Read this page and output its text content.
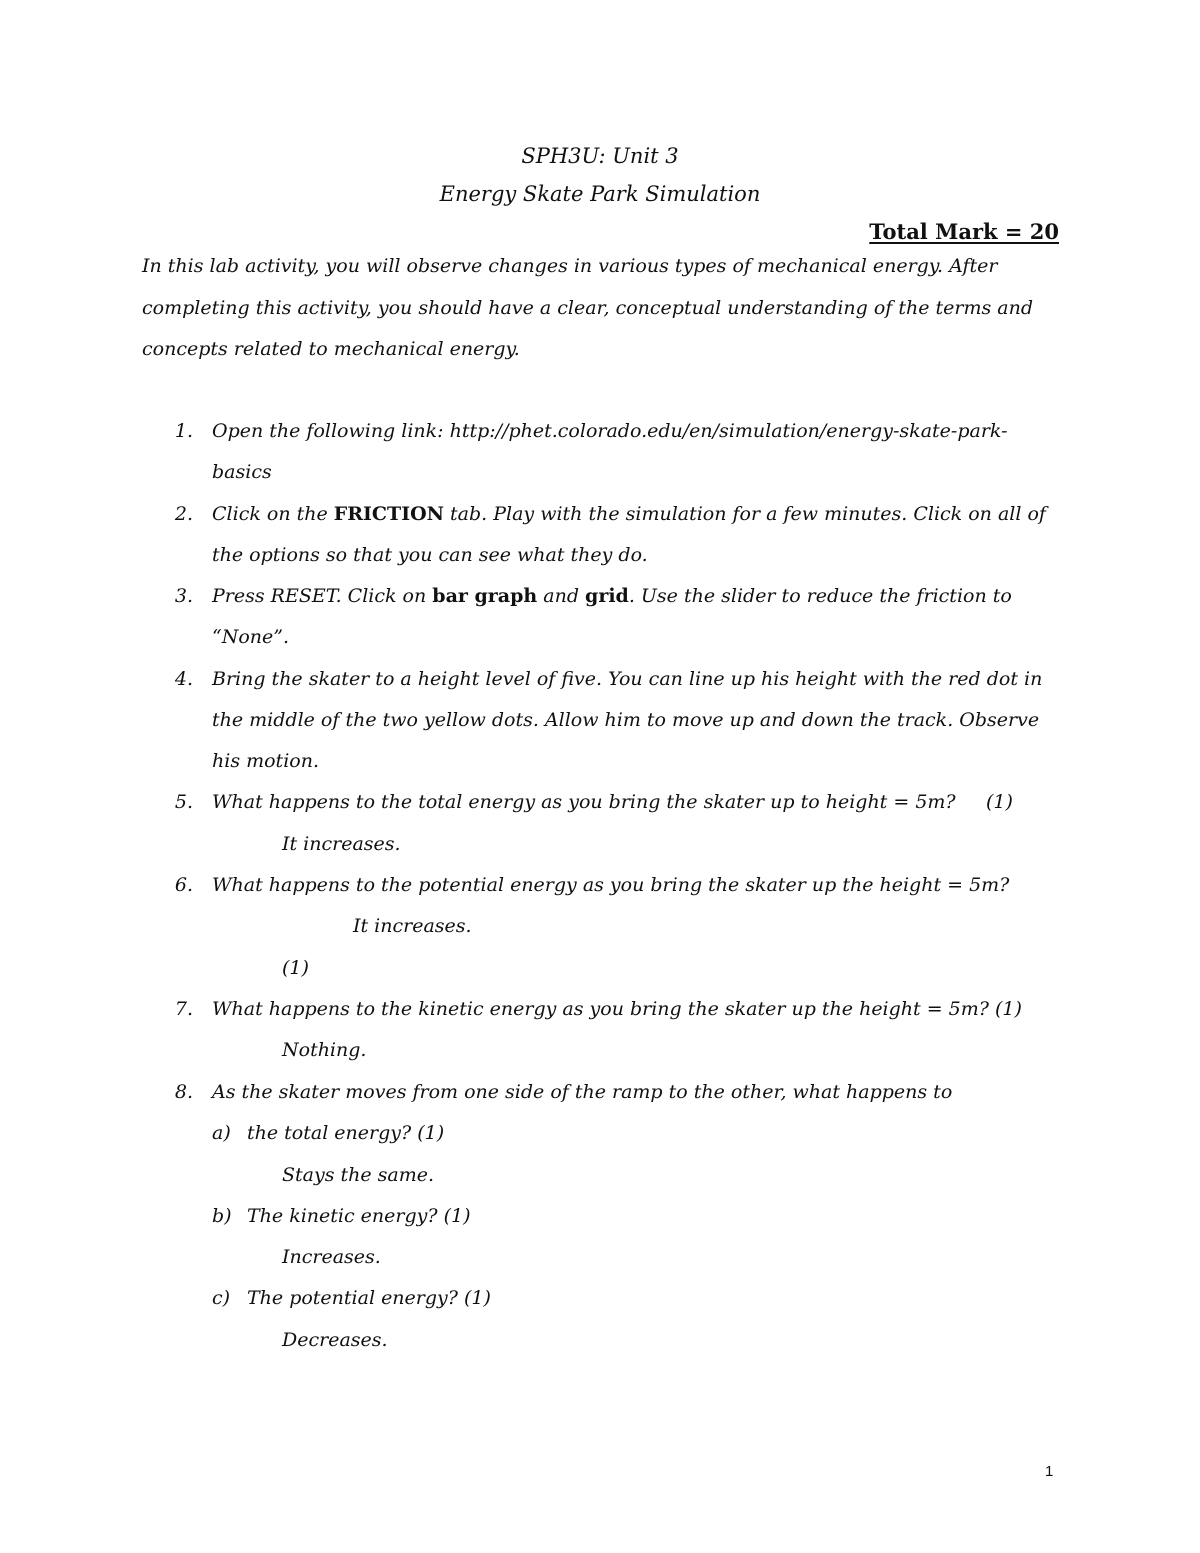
SPH3U: Unit 3
Energy Skate Park Simulation
Total Mark = 20
In this lab activity, you will observe changes in various types of mechanical energy. After
completing this activity, you should have a clear, conceptual understanding of the terms and
concepts related to mechanical energy.
1. Open the following link: http://phet.colorado.edu/en/simulation/energy-skate-park-
basics
2. Click on the FRICTION tab. Play with the simulation for a few minutes. Click on all of
the options so that you can see what they do.
3. Press RESET. Click on bar graph and grid. Use the slider to reduce the friction to
“None”.
4. Bring the skater to a height level of five. You can line up his height with the red dot in
the middle of the two yellow dots. Allow him to move up and down the track. Observe
his motion.
5. What happens to the total energy as you bring the skater up to height = 5m? (1)
It increases.
6. What happens to the potential energy as you bring the skater up the height = 5m?
It increases.
(1)
7. What happens to the kinetic energy as you bring the skater up the height = 5m? (1)
Nothing.
8. As the skater moves from one side of the ramp to the other, what happens to
a) the total energy? (1)
Stays the same.
b) The kinetic energy? (1)
Increases.
c) The potential energy? (1)
Decreases.
1
